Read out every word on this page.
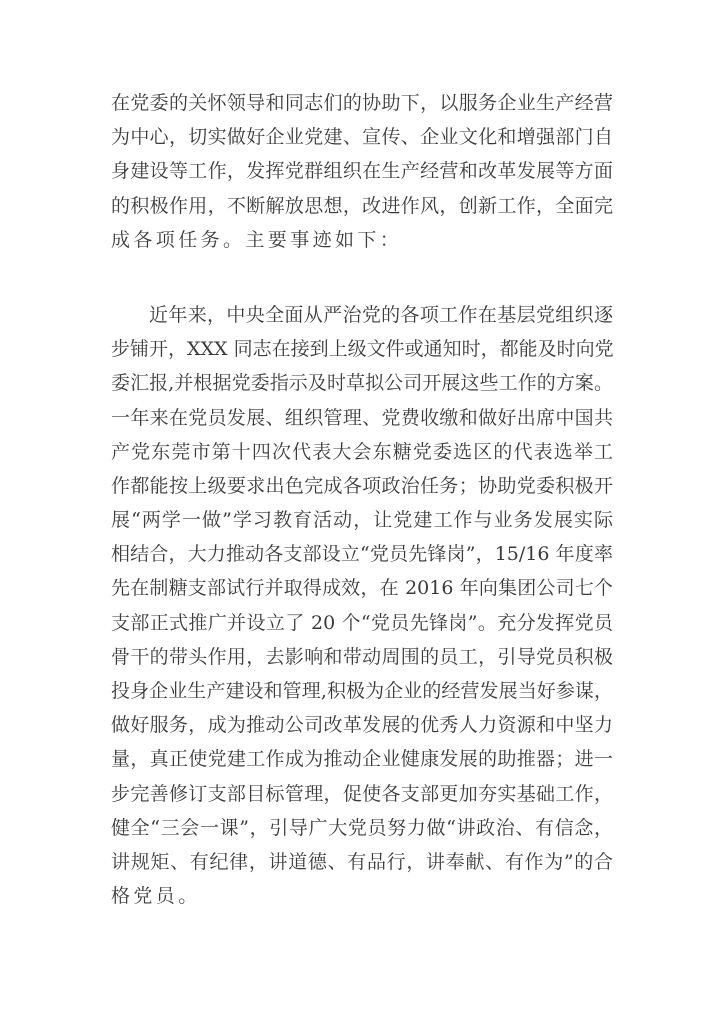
在党委的关怀领导和同志们的协助下，以服务企业生产经营
为中心，切实做好企业党建、宣传、企业文化和增强部门自
身建设等工作，发挥党群组织在生产经营和改革发展等方面
的积极作用，不断解放思想，改进作风，创新工作，全面完
成各项任务。主要事迹如下：
近年来，中央全面从严治党的各项工作在基层党组织逐
步铺开，XXX 同志在接到上级文件或通知时，都能及时向党
委汇报,并根据党委指示及时草拟公司开展这些工作的方案。
一年来在党员发展、组织管理、党费收缴和做好出席中国共
产党东莞市第十四次代表大会东糖党委选区的代表选举工
作都能按上级要求出色完成各项政治任务；协助党委积极开
展“两学一做”学习教育活动，让党建工作与业务发展实际
相结合，大力推动各支部设立“党员先锋岗”，15/16 年度率
先在制糖支部试行并取得成效，在 2016 年向集团公司七个
支部正式推广并设立了 20 个“党员先锋岗”。充分发挥党员
骨干的带头作用，去影响和带动周围的员工，引导党员积极
投身企业生产建设和管理,积极为企业的经营发展当好参谋，
做好服务，成为推动公司改革发展的优秀人力资源和中坚力
量，真正使党建工作成为推动企业健康发展的助推器；进一
步完善修订支部目标管理，促使各支部更加夯实基础工作，
健全“三会一课”，引导广大党员努力做“讲政治、有信念，
讲规矩、有纪律，讲道德、有品行，讲奉献、有作为”的合
格党员。
